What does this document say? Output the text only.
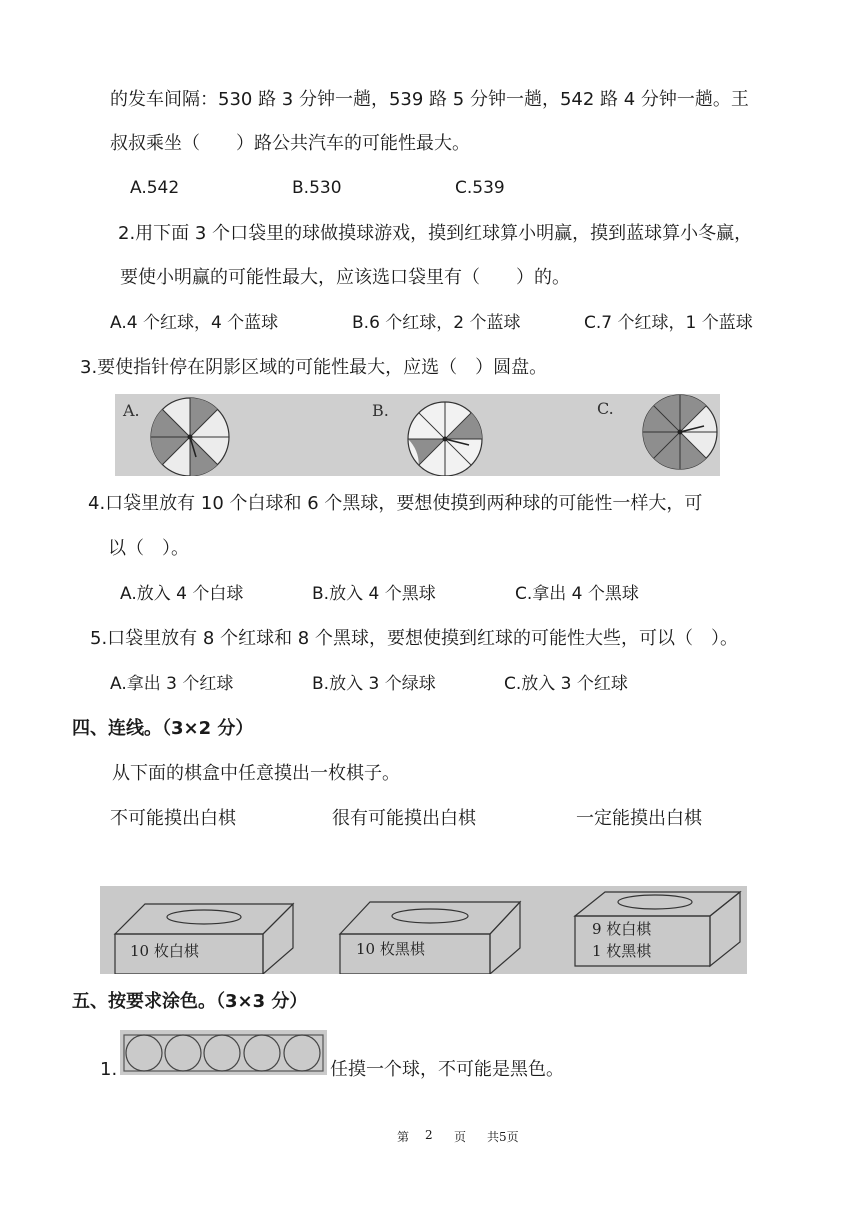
的发车间隔：530 路 3 分钟一趟，539 路 5 分钟一趟，542 路 4 分钟一趟。王
叔叔乘坐（　　）路公共汽车的可能性最大。
A.542	B.530	C.539
2.用下面 3 个口袋里的球做摸球游戏，摸到红球算小明赢，摸到蓝球算小冬赢，
要使小明赢的可能性最大，应该选口袋里有（　　）的。
A.4 个红球，4 个蓝球	B.6 个红球，2 个蓝球	C.7 个红球，1 个蓝球
3.要使指针停在阴影区域的可能性最大，应选（　）圆盘。
A.	B.	C.
4.口袋里放有 10 个白球和 6 个黑球，要想使摸到两种球的可能性一样大，可
以（　）。
A.放入 4 个白球	B.放入 4 个黑球	C.拿出 4 个黑球
5.口袋里放有 8 个红球和 8 个黑球，要想使摸到红球的可能性大些，可以（　）。
A.拿出 3 个红球	B.放入 3 个绿球	C.放入 3 个红球
四、连线。（3×2 分）
从下面的棋盒中任意摸出一枚棋子。
不可能摸出白棋	很有可能摸出白棋	一定能摸出白棋
10 枚白棋	10 枚黑棋
9 枚白棋
1 枚黑棋
五、按要求涂色。（3×3 分）
1.	任摸一个球，不可能是黑色。
第 2 页 共5页
